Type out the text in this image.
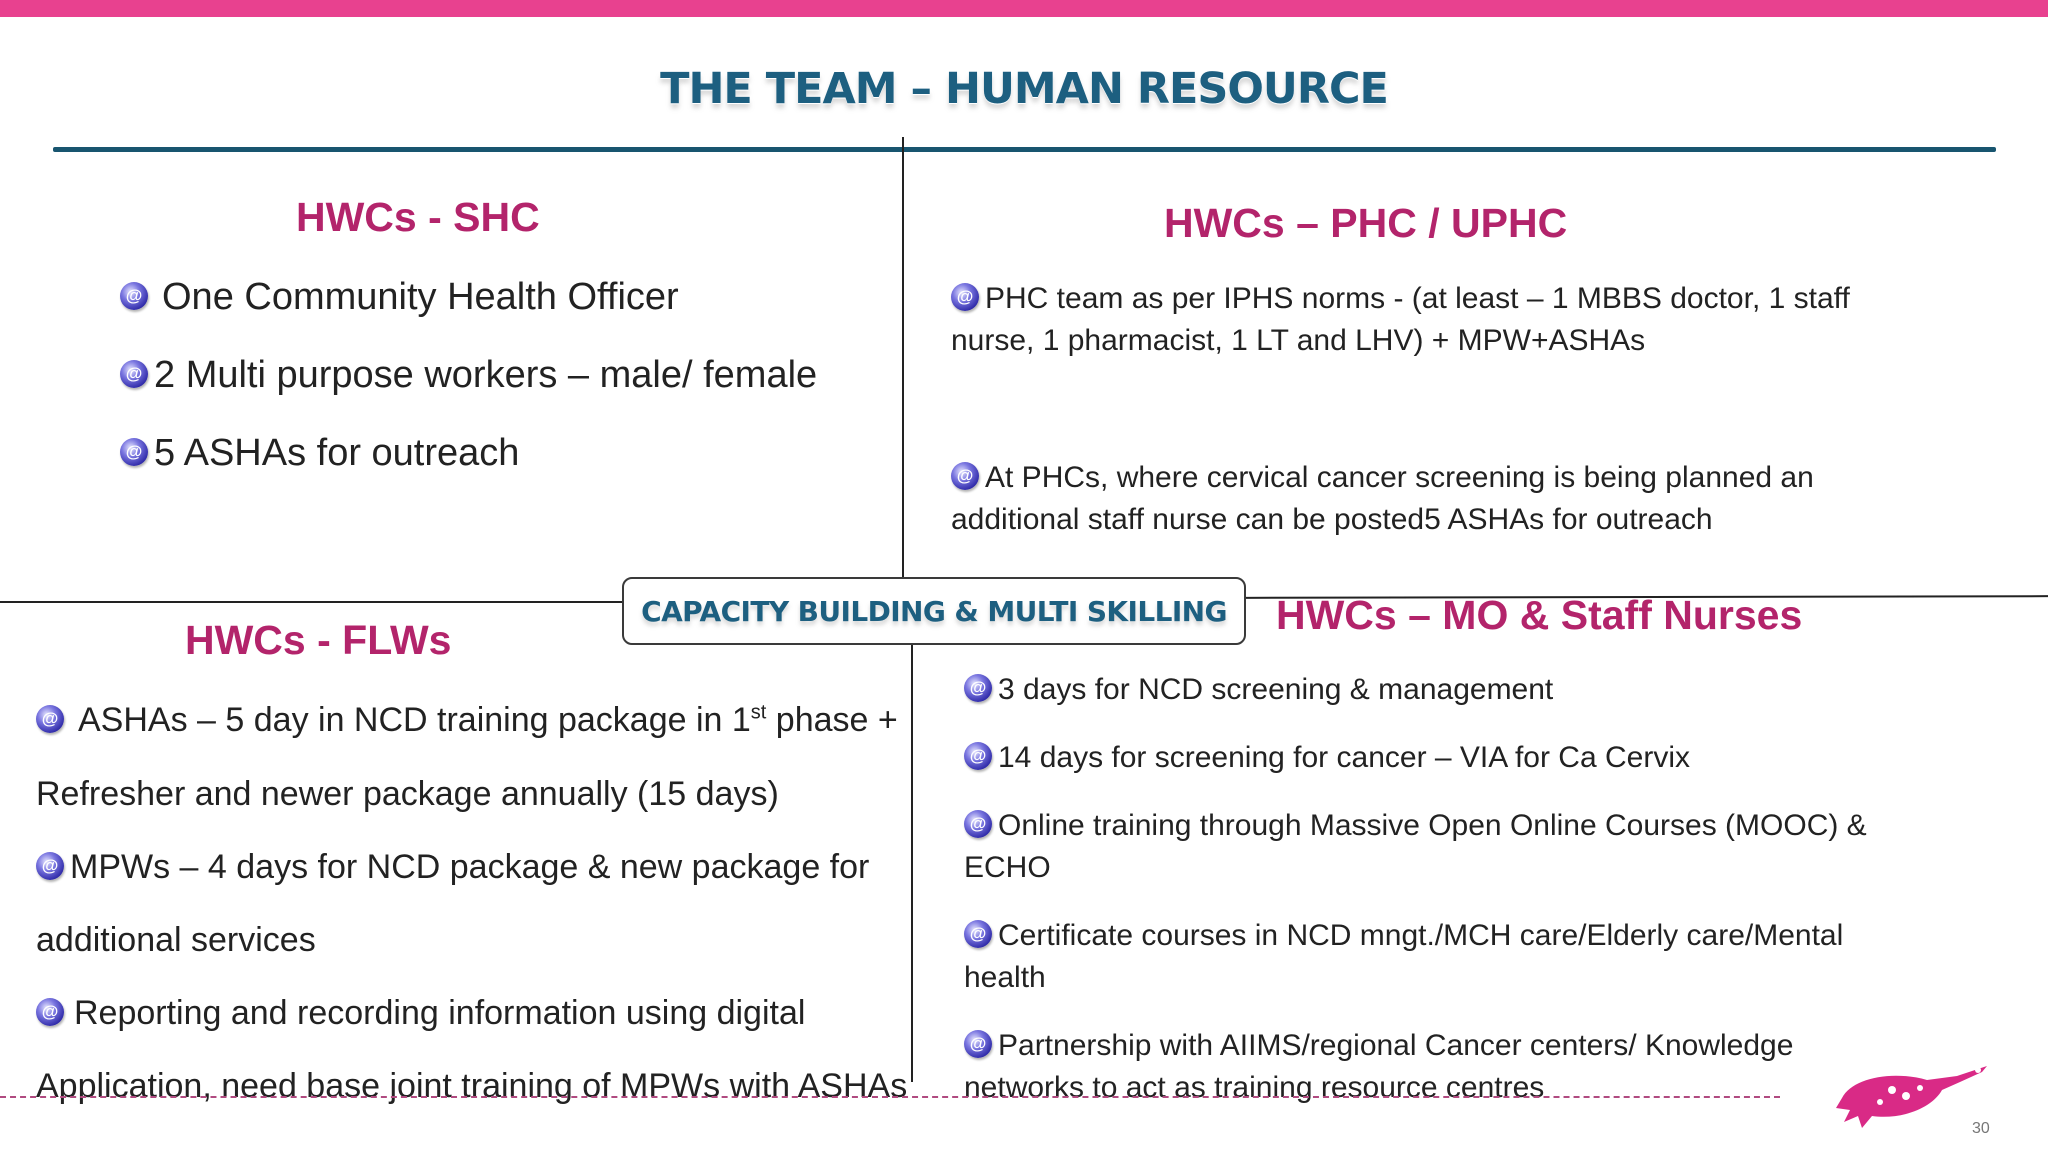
THE TEAM – HUMAN RESOURCE
CAPACITY BUILDING & MULTI SKILLING
HWCs - SHC
@ One Community Health Officer
@ 2 Multi purpose workers – male/ female
@ 5 ASHAs for outreach
HWCs – PHC / UPHC
@ PHC team as per IPHS norms - (at least – 1 MBBS doctor, 1 staff
nurse, 1 pharmacist, 1 LT and LHV) + MPW+ASHAs
@ At PHCs, where cervical cancer screening is being planned an
additional staff nurse can be posted5 ASHAs for outreach
HWCs - FLWs
@ ASHAs – 5 day in NCD training package in 1st phase +
Refresher and newer package annually (15 days)
@ MPWs – 4 days for NCD package & new package for
additional services
@ Reporting and recording information using digital
Application, need base joint training of MPWs with ASHAs
HWCs – MO & Staff Nurses
@ 3 days for NCD screening & management
@ 14 days for screening for cancer – VIA for Ca Cervix
@ Online training through Massive Open Online Courses (MOOC) &
ECHO
@ Certificate courses in NCD mngt./MCH care/Elderly care/Mental
health
@ Partnership with AIIMS/regional Cancer centers/ Knowledge
networks to act as training resource centres
30
